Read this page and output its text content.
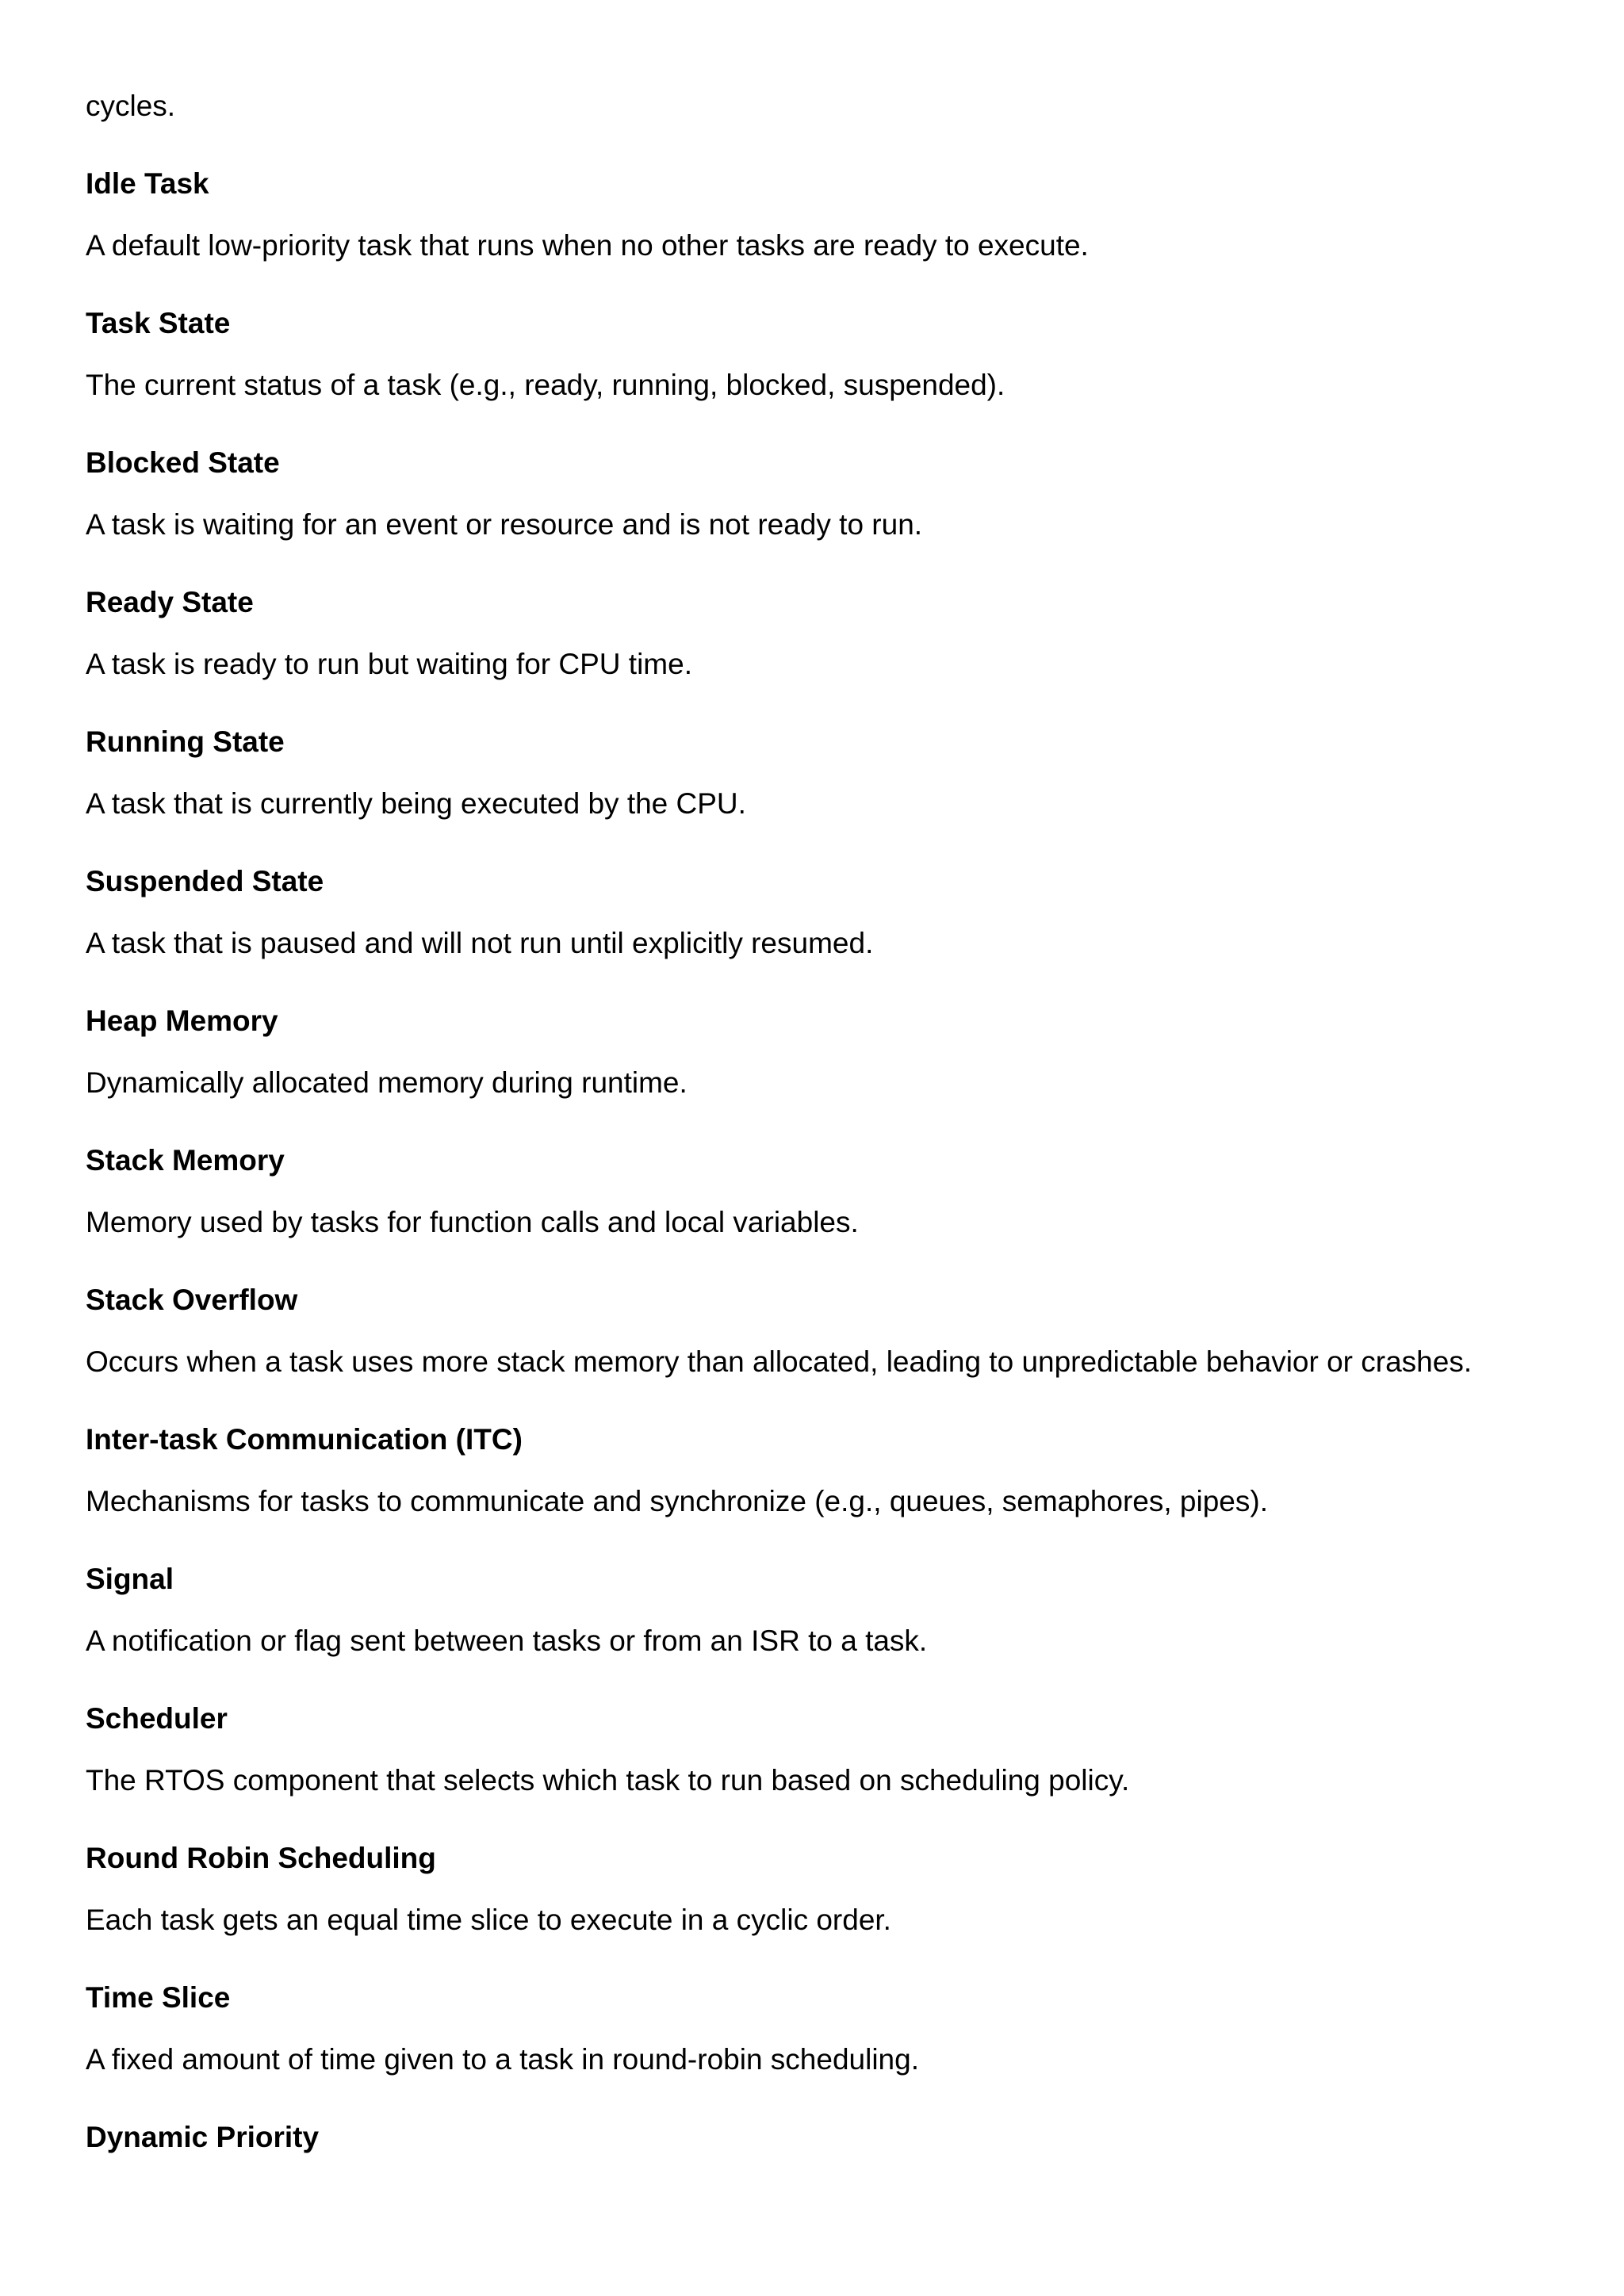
cycles.

Idle Task

A default low-priority task that runs when no other tasks are ready to execute.

Task State

The current status of a task (e.g., ready, running, blocked, suspended).

Blocked State

A task is waiting for an event or resource and is not ready to run.

Ready State

A task is ready to run but waiting for CPU time.

Running State

A task that is currently being executed by the CPU.

Suspended State

A task that is paused and will not run until explicitly resumed.

Heap Memory

Dynamically allocated memory during runtime.

Stack Memory

Memory used by tasks for function calls and local variables.

Stack Overflow

Occurs when a task uses more stack memory than allocated, leading to unpredictable behavior or crashes.

Inter-task Communication (ITC)

Mechanisms for tasks to communicate and synchronize (e.g., queues, semaphores, pipes).

Signal

A notification or flag sent between tasks or from an ISR to a task.

Scheduler

The RTOS component that selects which task to run based on scheduling policy.

Round Robin Scheduling

Each task gets an equal time slice to execute in a cyclic order.

Time Slice

A fixed amount of time given to a task in round-robin scheduling.

Dynamic Priority
